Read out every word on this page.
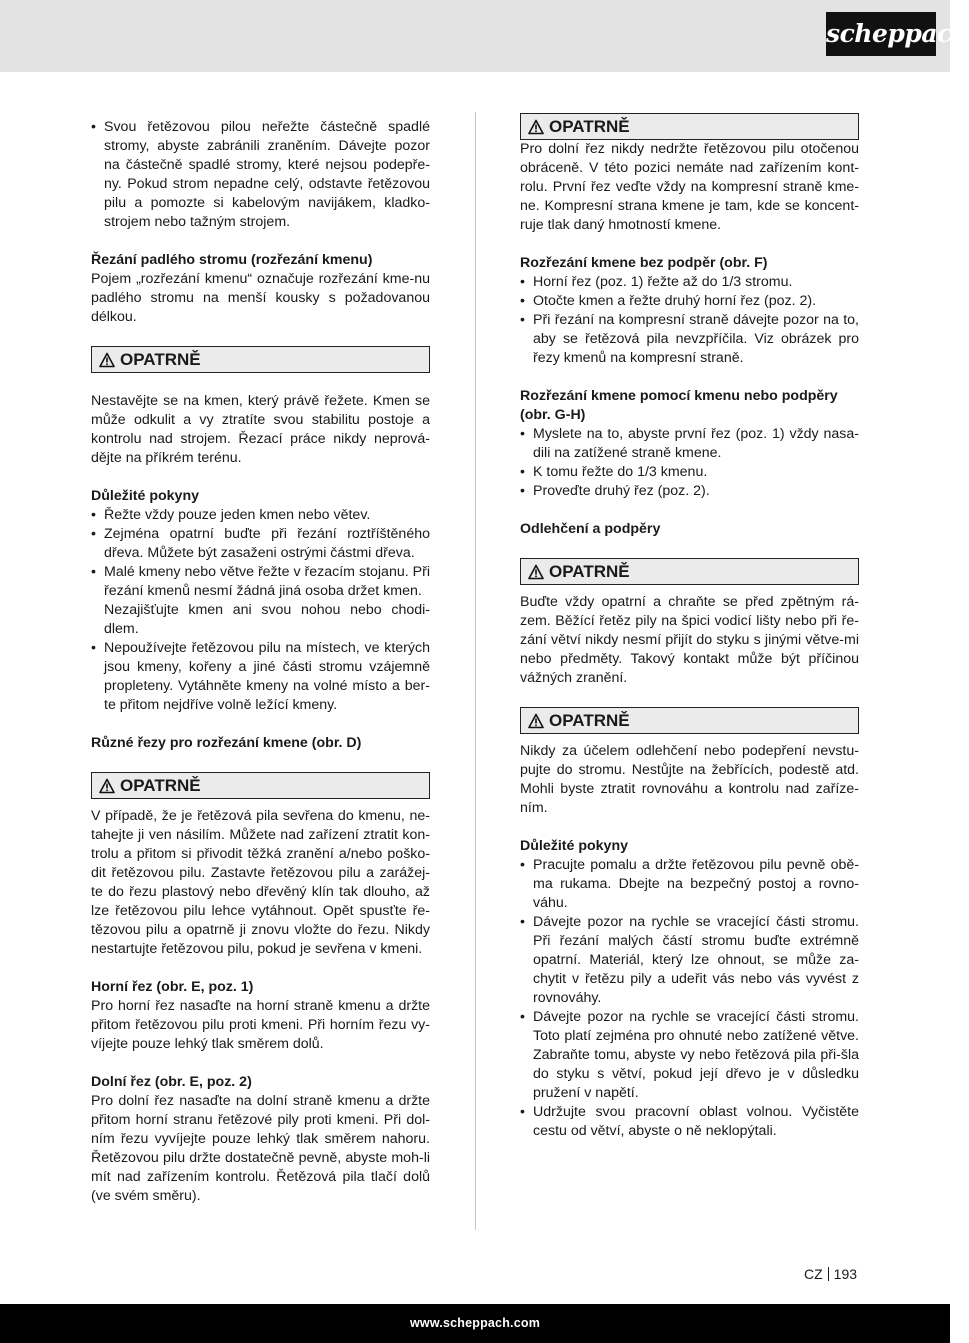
scheppach
• Svou řetězovou pilou neřežte částečně spadlé stromy, abyste zabránili zraněním. Dávejte pozor na částečně spadlé stromy, které nejsou podepře-ny. Pokud strom nepadne celý, odstavte řetězovou pilu a pomozte si kabelovým navijákem, kladko-strojem nebo tažným strojem.

Řezání padlého stromu (rozřezání kmenu)

Pojem „rozřezání kmenu“ označuje rozřezání kme-nu padlého stromu na menší kousky s požadovanou délkou.

OPATRNĚ

Nestavějte se na kmen, který právě řežete. Kmen se může odkulit a vy ztratíte svou stabilitu postoje a kontrolu nad strojem. Řezací práce nikdy neprová-dějte na příkrém terénu.

Důležité pokyny

• Řežte vždy pouze jeden kmen nebo větev.
• Zejména opatrní buďte při řezání roztříštěného dřeva. Můžete být zasaženi ostrými částmi dřeva.
• Malé kmeny nebo větve řežte v řezacím stojanu. Při řezání kmenů nesmí žádná jiná osoba držet kmen.
Nezajišťujte kmen ani svou nohou nebo chodi-dlem.
• Nepoužívejte řetězovou pilu na místech, ve kterých jsou kmeny, kořeny a jiné části stromu vzájemně propleteny. Vytáhněte kmeny na volné místo a ber-te přitom nejdříve volně ležící kmeny.

Různé řezy pro rozřezání kmene (obr. D)

OPATRNĚ

V případě, že je řetězová pila sevřena do kmenu, ne-tahejte ji ven násilím. Můžete nad zařízení ztratit kon-trolu a přitom si přivodit těžká zranění a/nebo poško-dit řetězovou pilu. Zastavte řetězovou pilu a zarážej-te do řezu plastový nebo dřevěný klín tak dlouho, až lze řetězovou pilu lehce vytáhnout. Opět spusťte ře-tězovou pilu a opatrně ji znovu vložte do řezu. Nikdy nestartujte řetězovou pilu, pokud je sevřena v kmeni.

Horní řez (obr. E, poz. 1)

Pro horní řez nasaďte na horní straně kmenu a držte přitom řetězovou pilu proti kmeni. Při horním řezu vy-víjejte pouze lehký tlak směrem dolů.

Dolní řez (obr. E, poz. 2)

Pro dolní řez nasaďte na dolní straně kmenu a držte přitom horní stranu řetězové pily proti kmeni. Při dol-ním řezu vyvíjejte pouze lehký tlak směrem nahoru. Řetězovou pilu držte dostatečně pevně, abyste moh-li mít nad zařízením kontrolu. Řetězová pila tlačí dolů (ve svém směru).

OPATRNĚ

Pro dolní řez nikdy nedržte řetězovou pilu otočenou obráceně. V této pozici nemáte nad zařízením kont-rolu. První řez veďte vždy na kompresní straně kme-ne. Kompresní strana kmene je tam, kde se koncent-ruje tlak daný hmotností kmene.

Rozřezání kmene bez podpěr (obr. F)

• Horní řez (poz. 1) řežte až do 1/3 stromu.
• Otočte kmen a řežte druhý horní řez (poz. 2).
• Při řezání na kompresní straně dávejte pozor na to, aby se řetězová pila nevzpříčila. Viz obrázek pro řezy kmenů na kompresní straně.

Rozřezání kmene pomocí kmenu nebo podpěry (obr. G-H)

• Myslete na to, abyste první řez (poz. 1) vždy nasa-dili na zatížené straně kmene.
• K tomu řežte do 1/3 kmenu.
• Proveďte druhý řez (poz. 2).

Odlehčení a podpěry

OPATRNĚ

Buďte vždy opatrní a chraňte se před zpětným rá-zem. Běžící řetěz pily na špici vodicí lišty nebo při ře-zání větví nikdy nesmí přijít do styku s jinými větve-mi nebo předměty. Takový kontakt může být příčinou vážných zranění.

OPATRNĚ

Nikdy za účelem odlehčení nebo podepření nevstu-pujte do stromu. Nestůjte na žebřících, podestě atd. Mohli byste ztratit rovnováhu a kontrolu nad zaříze-ním.

Důležité pokyny

• Pracujte pomalu a držte řetězovou pilu pevně obě-ma rukama. Dbejte na bezpečný postoj a rovno-váhu.
• Dávejte pozor na rychle se vracející části stromu. Při řezání malých částí stromu buďte extrémně opatrní. Materiál, který lze ohnout, se může za-chytit v řetězu pily a udeřit vás nebo vás vyvést z rovnováhy.
• Dávejte pozor na rychle se vracející části stromu. Toto platí zejména pro ohnuté nebo zatížené větve. Zabraňte tomu, abyste vy nebo řetězová pila při-šla do styku s větví, pokud její dřevo je v důsledku pružení v napětí.
• Udržujte svou pracovní oblast volnou. Vyčistěte cestu od větví, abyste o ně neklopýtali.
CZ 193
www.scheppach.com
